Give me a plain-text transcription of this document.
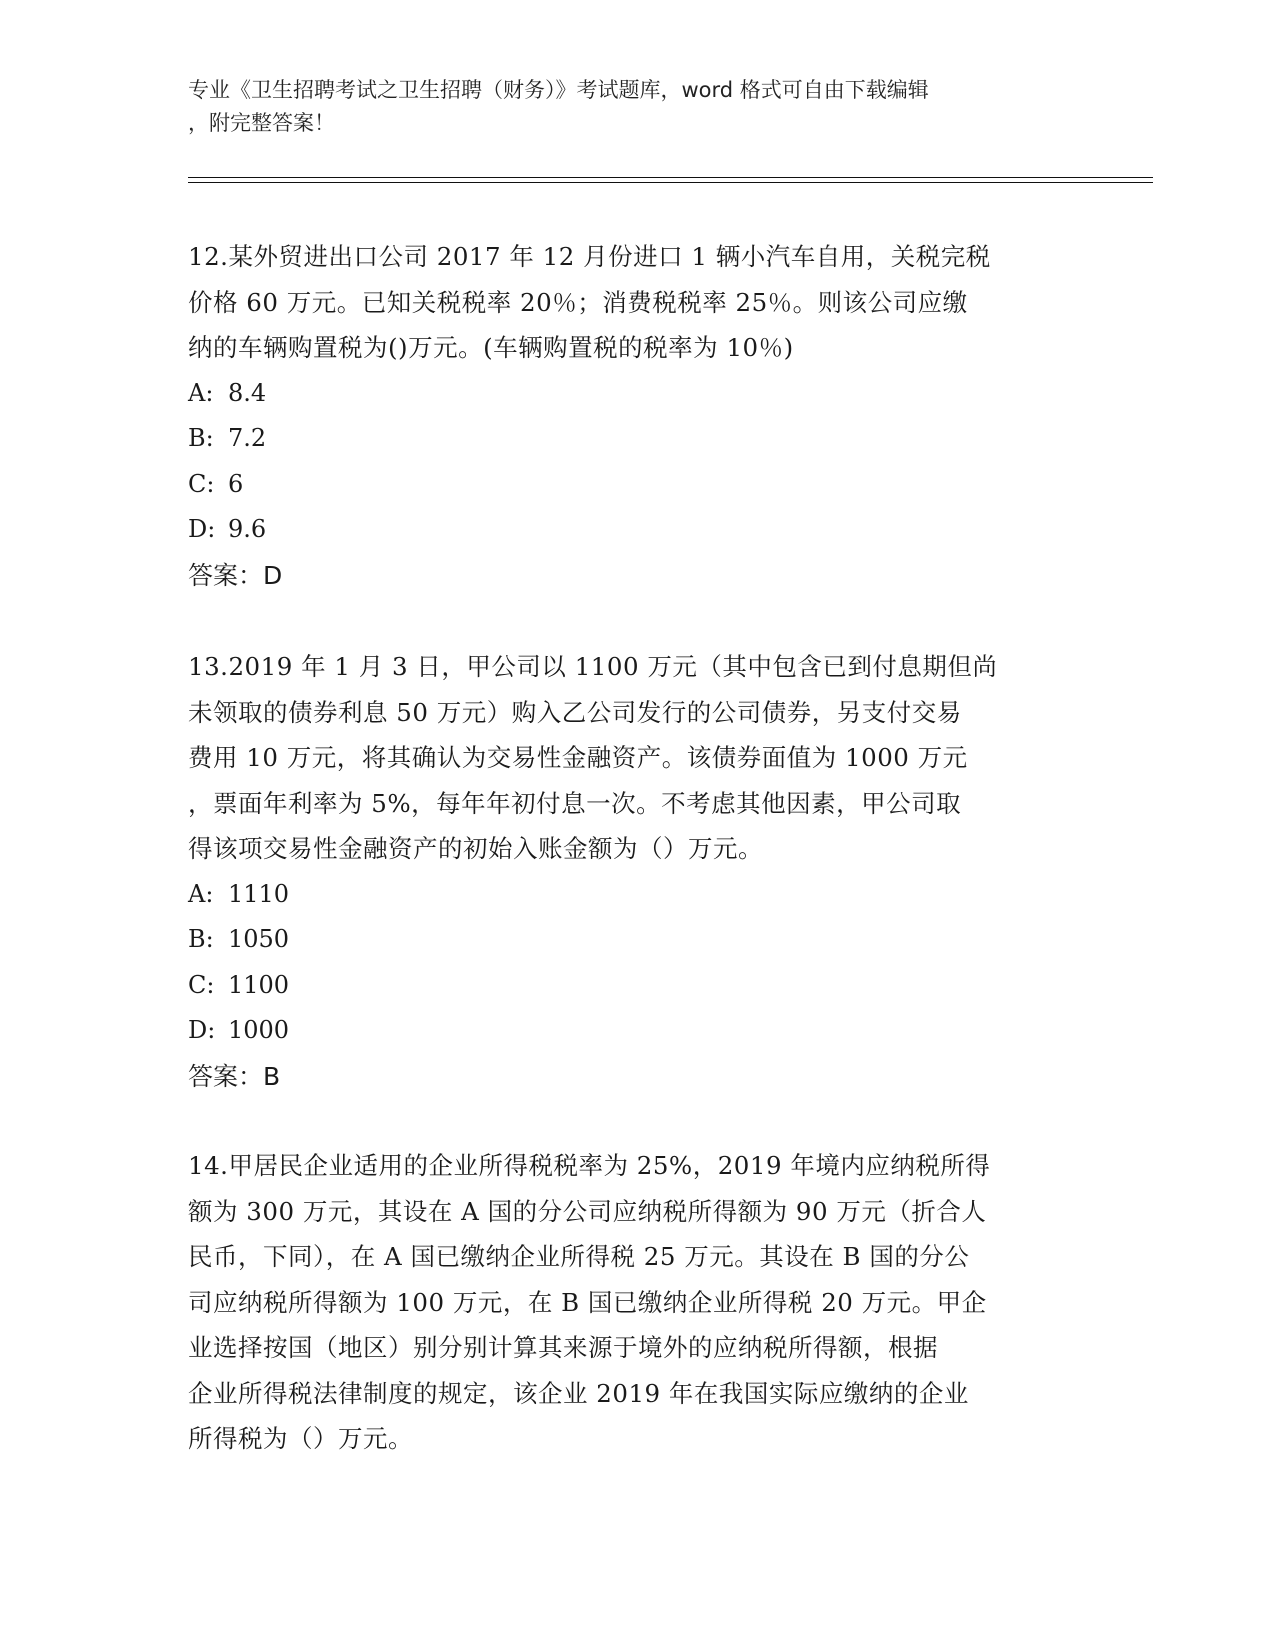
专业《卫生招聘考试之卫生招聘（财务）》考试题库，word 格式可自由下载编辑
，附完整答案！
12.某外贸进出口公司 2017 年 12 月份进口 1 辆小汽车自用，关税完税
价格 60 万元。已知关税税率 20％；消费税税率 25％。则该公司应缴
纳的车辆购置税为()万元。(车辆购置税的税率为 10％)
A: 8.4
B: 7.2
C: 6
D: 9.6
答案：D
13.2019 年 1 月 3 日，甲公司以 1100 万元（其中包含已到付息期但尚
未领取的债券利息 50 万元）购入乙公司发行的公司债券，另支付交易
费用 10 万元，将其确认为交易性金融资产。该债券面值为 1000 万元
，票面年利率为 5%，每年年初付息一次。不考虑其他因素，甲公司取
得该项交易性金融资产的初始入账金额为（）万元。
A: 1110
B: 1050
C: 1100
D: 1000
答案：B
14.甲居民企业适用的企业所得税税率为 25%，2019 年境内应纳税所得
额为 300 万元，其设在 A 国的分公司应纳税所得额为 90 万元（折合人
民币，下同），在 A 国已缴纳企业所得税 25 万元。其设在 B 国的分公
司应纳税所得额为 100 万元，在 B 国已缴纳企业所得税 20 万元。甲企
业选择按国（地区）别分别计算其来源于境外的应纳税所得额，根据
企业所得税法律制度的规定，该企业 2019 年在我国实际应缴纳的企业
所得税为（）万元。
